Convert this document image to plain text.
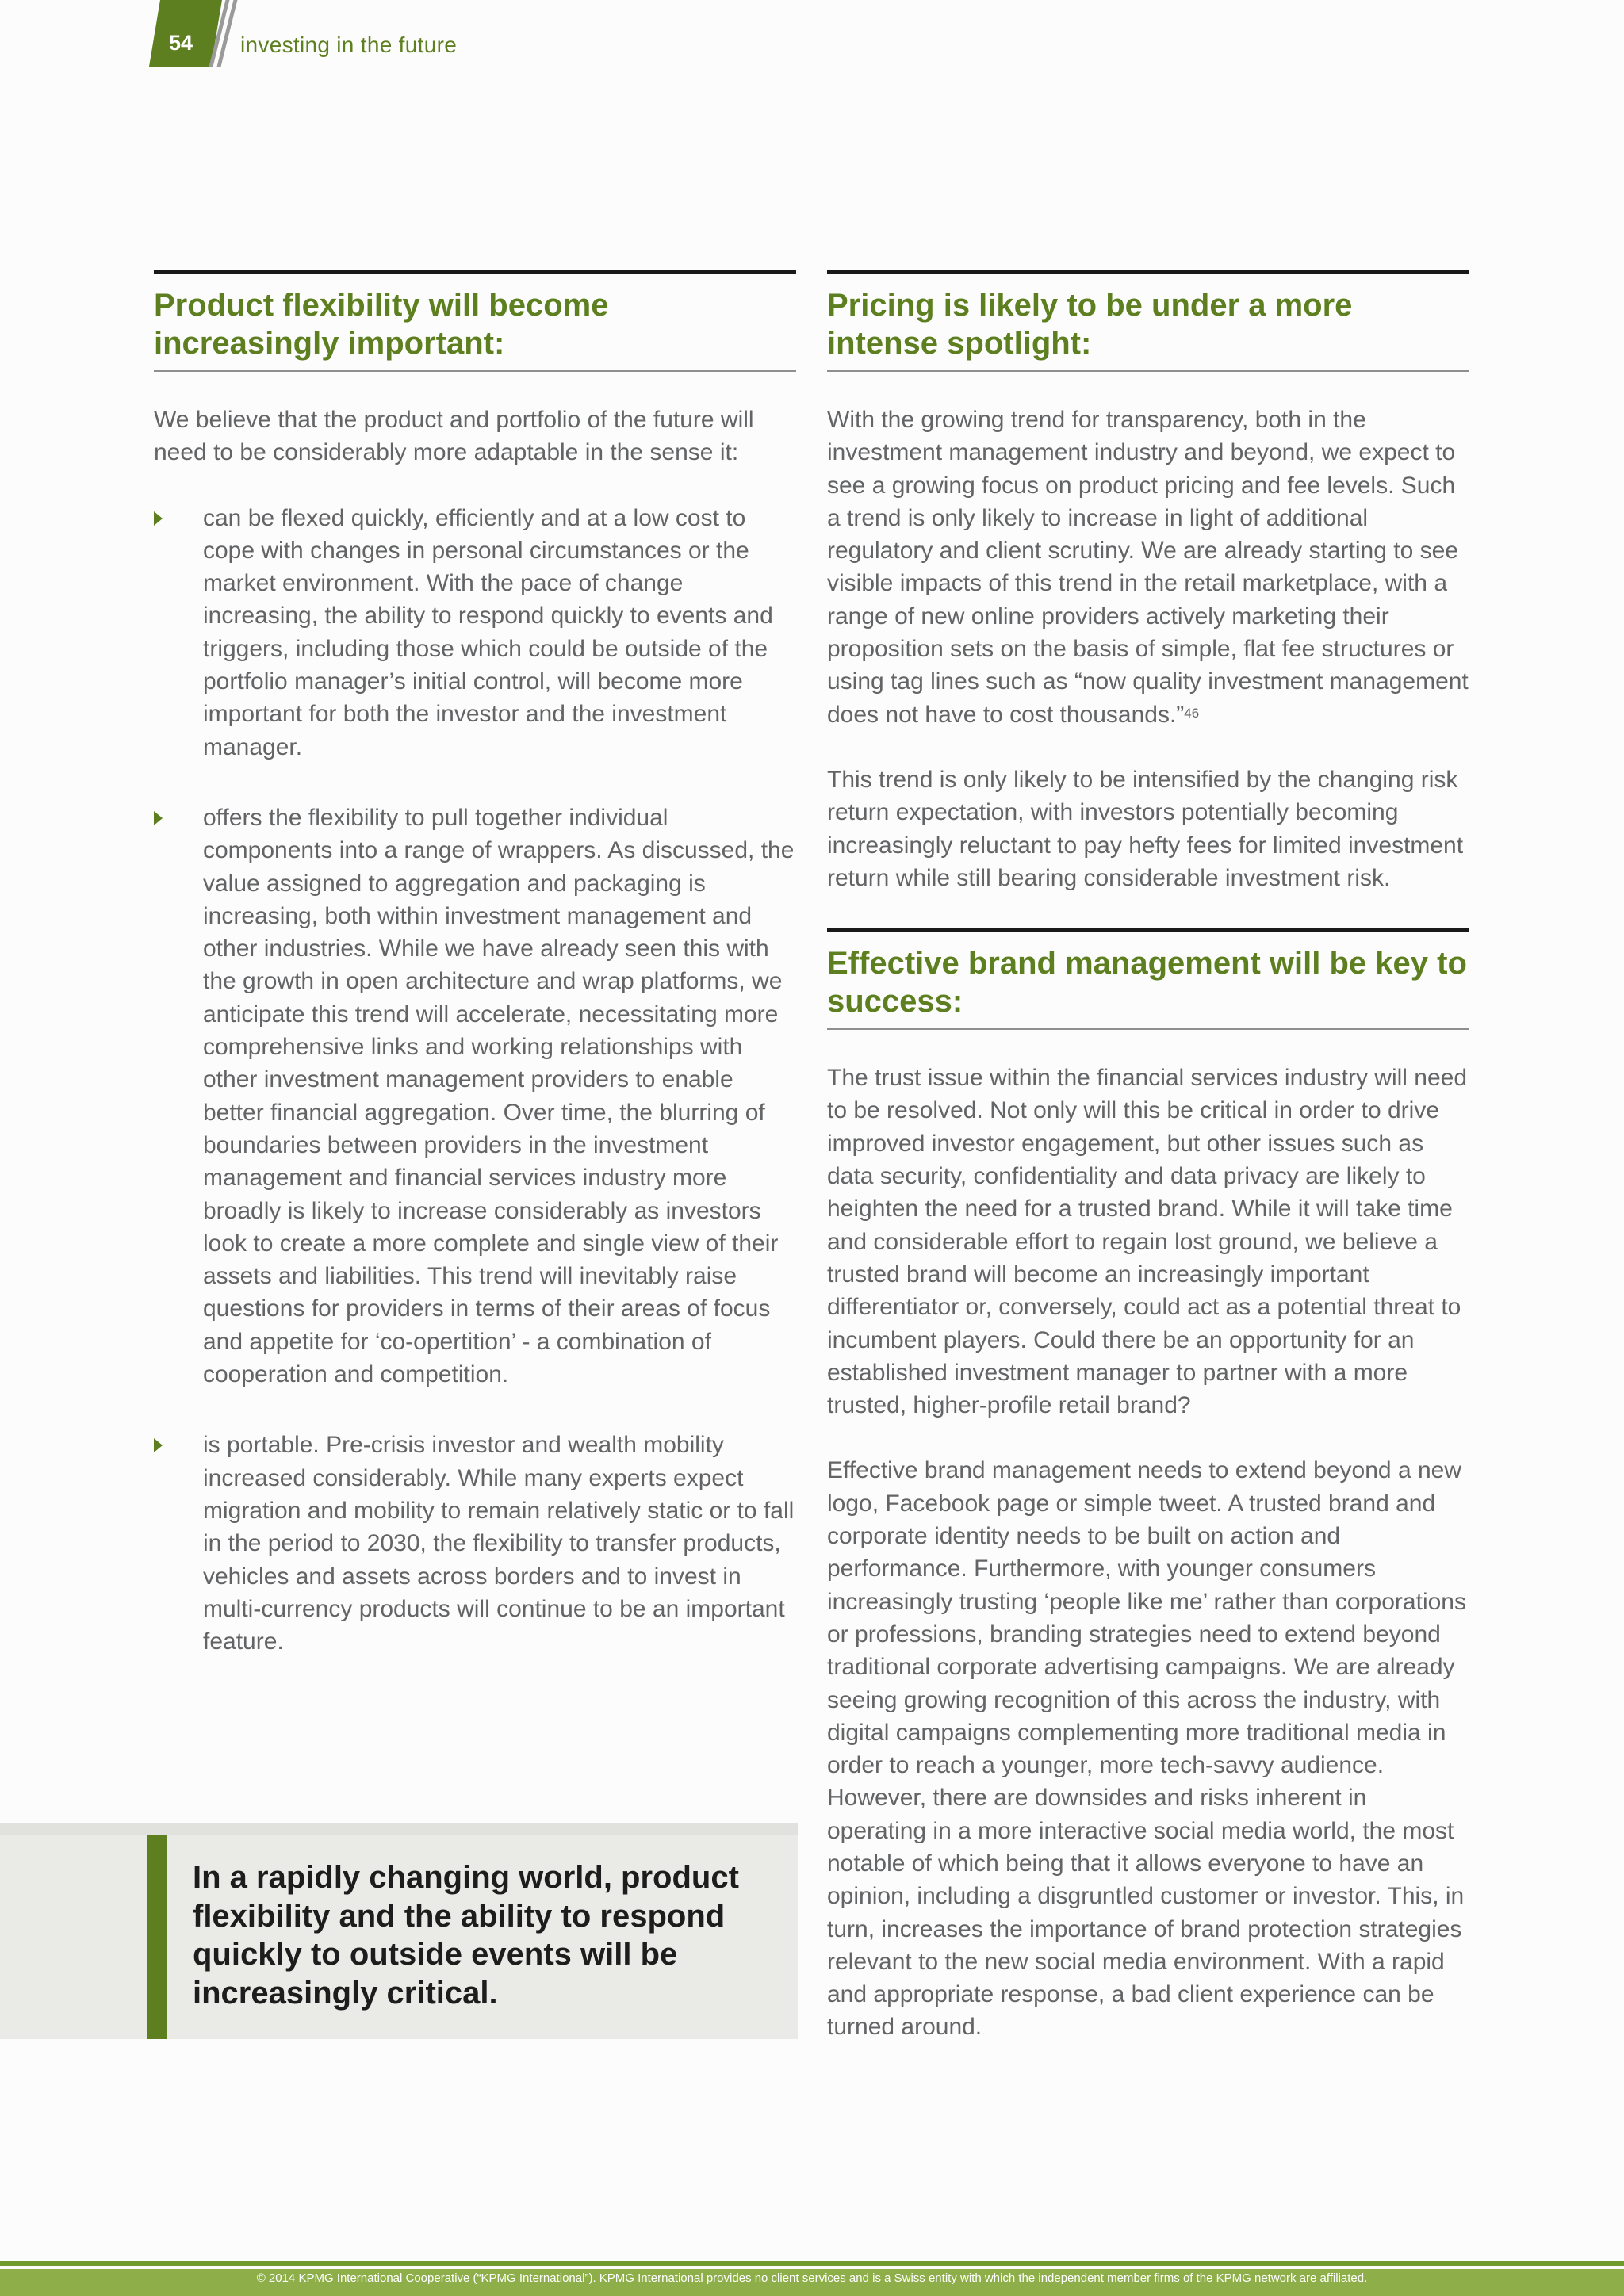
54	investing in the future
Product flexibility will become increasingly important:

We believe that the product and portfolio of the future will need to be considerably more adaptable in the sense it:

can be flexed quickly, efficiently and at a low cost to cope with changes in personal circumstances or the market environment. With the pace of change increasing, the ability to respond quickly to events and triggers, including those which could be outside of the portfolio manager’s initial control, will become more important for both the investor and the investment manager.

offers the flexibility to pull together individual components into a range of wrappers. As discussed, the value assigned to aggregation and packaging is increasing, both within investment management and other industries. While we have already seen this with the growth in open architecture and wrap platforms, we anticipate this trend will accelerate, necessitating more comprehensive links and working relationships with other investment management providers to enable better financial aggregation. Over time, the blurring of boundaries between providers in the investment management and financial services industry more broadly is likely to increase considerably as investors look to create a more complete and single view of their assets and liabilities. This trend will inevitably raise questions for providers in terms of their areas of focus and appetite for ‘co-opertition’ - a combination of cooperation and competition.

is portable. Pre-crisis investor and wealth mobility increased considerably. While many experts expect migration and mobility to remain relatively static or to fall in the period to 2030, the flexibility to transfer products, vehicles and assets across borders and to invest in multi-currency products will continue to be an important feature.

In a rapidly changing world, product flexibility and the ability to respond quickly to outside events will be increasingly critical.
Pricing is likely to be under a more intense spotlight:

With the growing trend for transparency, both in the investment management industry and beyond, we expect to see a growing focus on product pricing and fee levels. Such a trend is only likely to increase in light of additional regulatory and client scrutiny. We are already starting to see visible impacts of this trend in the retail marketplace, with a range of new online providers actively marketing their proposition sets on the basis of simple, flat fee structures or using tag lines such as “now quality investment management does not have to cost thousands.”$^{46}$

This trend is only likely to be intensified by the changing risk return expectation, with investors potentially becoming increasingly reluctant to pay hefty fees for limited investment return while still bearing considerable investment risk.

Effective brand management will be key to success:

The trust issue within the financial services industry will need to be resolved. Not only will this be critical in order to drive improved investor engagement, but other issues such as data security, confidentiality and data privacy are likely to heighten the need for a trusted brand. While it will take time and considerable effort to regain lost ground, we believe a trusted brand will become an increasingly important differentiator or, conversely, could act as a potential threat to incumbent players. Could there be an opportunity for an established investment manager to partner with a more trusted, higher-profile retail brand?

Effective brand management needs to extend beyond a new logo, Facebook page or simple tweet. A trusted brand and corporate identity needs to be built on action and performance. Furthermore, with younger consumers increasingly trusting ‘people like me’ rather than corporations or professions, branding strategies need to extend beyond traditional corporate advertising campaigns. We are already seeing growing recognition of this across the industry, with digital campaigns complementing more traditional media in order to reach a younger, more tech-savvy audience. However, there are downsides and risks inherent in operating in a more interactive social media world, the most notable of which being that it allows everyone to have an opinion, including a disgruntled customer or investor. This, in turn, increases the importance of brand protection strategies relevant to the new social media environment. With a rapid and appropriate response, a bad client experience can be turned around.

© 2014 KPMG International Cooperative (“KPMG International”). KPMG International provides no client services and is a Swiss entity with which the independent member firms of the KPMG network are affiliated.
